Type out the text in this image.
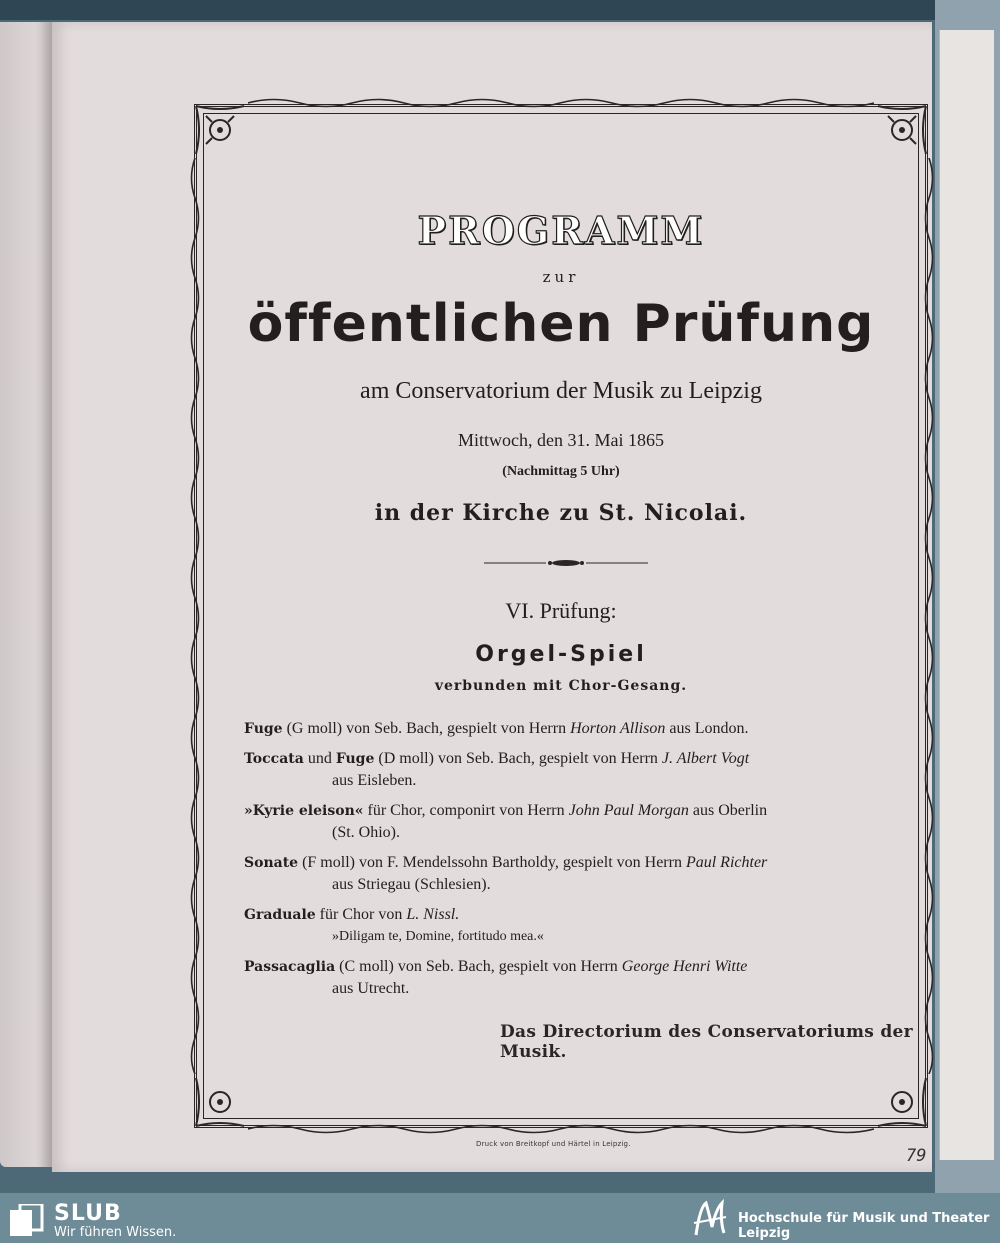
PROGRAMM
zur
öffentlichen Prüfung
am Conservatorium der Musik zu Leipzig
Mittwoch, den 31. Mai 1865
(Nachmittag 5 Uhr)
in der Kirche zu St. Nicolai.
VI. Prüfung:
Orgel-Spiel
verbunden mit Chor-Gesang.
Fuge (G moll) von Seb. Bach, gespielt von Herrn Horton Allison aus London.
Toccata und Fuge (D moll) von Seb. Bach, gespielt von Herrn J. Albert Vogt
aus Eisleben.
»Kyrie eleison« für Chor, componirt von Herrn John Paul Morgan aus Oberlin
(St. Ohio).
Sonate (F moll) von F. Mendelssohn Bartholdy, gespielt von Herrn Paul Richter
aus Striegau (Schlesien).
Graduale für Chor von L. Nissl.
»Diligam te, Domine, fortitudo mea.«
Passacaglia (C moll) von Seb. Bach, gespielt von Herrn George Henri Witte
aus Utrecht.
Das Directorium des Conservatoriums der Musik.
Druck von Breitkopf und Härtel in Leipzig.
79
SLUB
Wir führen Wissen.
Hochschule für Musik und Theater Leipzig
